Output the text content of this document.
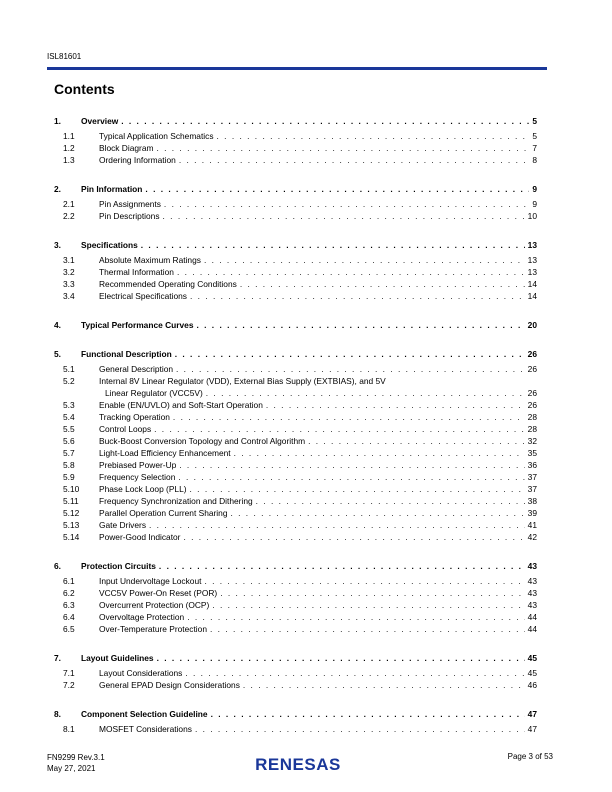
ISL81601
Contents
1.	Overview . . .	5
1.1	Typical Application Schematics . . .	5
1.2	Block Diagram . . .	7
1.3	Ordering Information . . .	8
2.	Pin Information . . .	9
2.1	Pin Assignments . . .	9
2.2	Pin Descriptions . . .	10
3.	Specifications . . .	13
3.1	Absolute Maximum Ratings . . .	13
3.2	Thermal Information . . .	13
3.3	Recommended Operating Conditions . . .	14
3.4	Electrical Specifications . . .	14
4.	Typical Performance Curves . . .	20
5.	Functional Description . . .	26
5.1	General Description . . .	26
5.2	Internal 8V Linear Regulator (VDD), External Bias Supply (EXTBIAS), and 5V
Linear Regulator (VCC5V) . . .	26
5.3	Enable (EN/UVLO) and Soft-Start Operation . . .	26
5.4	Tracking Operation . . .	28
5.5	Control Loops . . .	28
5.6	Buck-Boost Conversion Topology and Control Algorithm . . .	32
5.7	Light-Load Efficiency Enhancement . . .	35
5.8	Prebiased Power-Up . . .	36
5.9	Frequency Selection . . .	37
5.10	Phase Lock Loop (PLL) . . .	37
5.11	Frequency Synchronization and Dithering . . .	38
5.12	Parallel Operation Current Sharing . . .	39
5.13	Gate Drivers . . .	41
5.14	Power-Good Indicator . . .	42
6.	Protection Circuits . . .	43
6.1	Input Undervoltage Lockout . . .	43
6.2	VCC5V Power-On Reset (POR) . . .	43
6.3	Overcurrent Protection (OCP) . . .	43
6.4	Overvoltage Protection . . .	44
6.5	Over-Temperature Protection . . .	44
7.	Layout Guidelines . . .	45
7.1	Layout Considerations . . .	45
7.2	General EPAD Design Considerations . . .	46
8.	Component Selection Guideline . . .	47
8.1	MOSFET Considerations . . .	47
FN9299 Rev.3.1
May 27, 2021	RENESAS	Page 3 of 53
